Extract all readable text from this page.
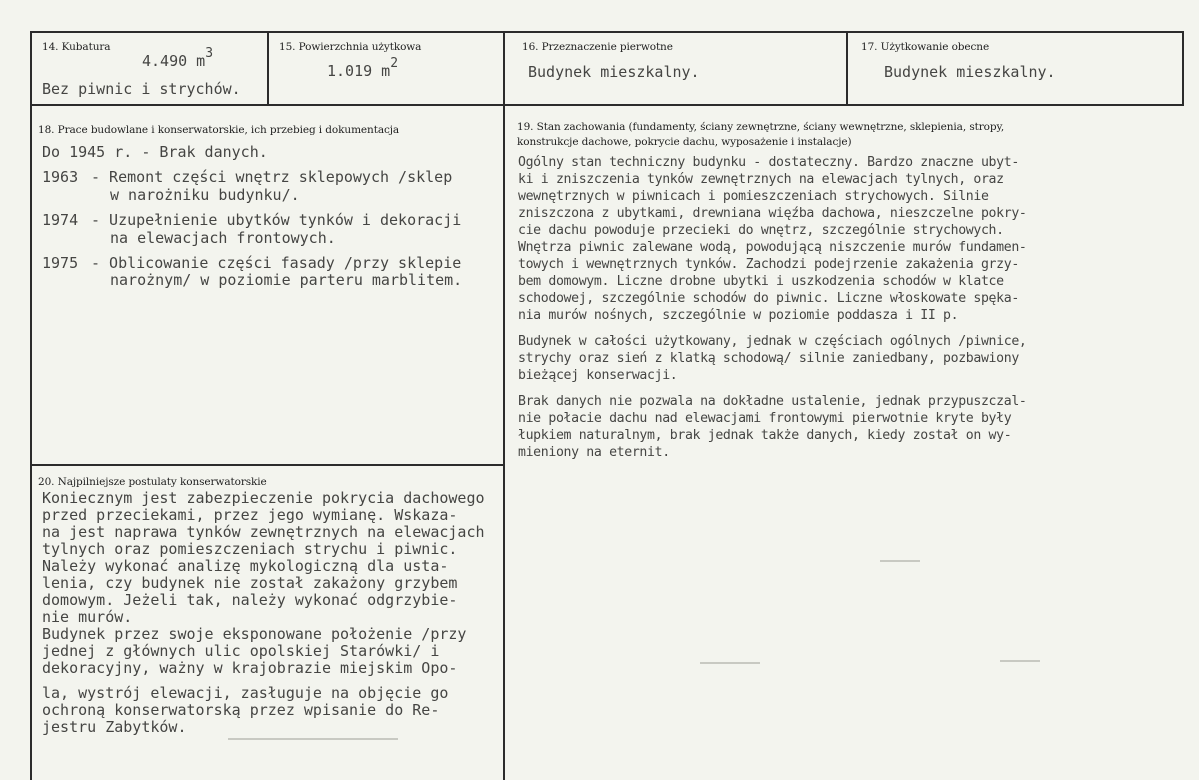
14. Kubatura
4.490 m3
Bez piwnic i strychów.
15. Powierzchnia użytkowa
1.019 m2
16. Przeznaczenie pierwotne
Budynek mieszkalny.
17. Użytkowanie obecne
Budynek mieszkalny.
18. Prace budowlane i konserwatorskie, ich przebieg i dokumentacja
Do 1945 r. - Brak danych.
1963 - Remont części wnętrz sklepowych /sklep
w narożniku budynku/.
1974 - Uzupełnienie ubytków tynków i dekoracji
na elewacjach frontowych.
1975 - Oblicowanie części fasady /przy sklepie
narożnym/ w poziomie parteru marblitem.
19. Stan zachowania (fundamenty, ściany zewnętrzne, ściany wewnętrzne, sklepienia, stropy,
konstrukcje dachowe, pokrycie dachu, wyposażenie i instalacje)
Ogólny stan techniczny budynku - dostateczny. Bardzo znaczne ubyt-
ki i zniszczenia tynków zewnętrznych na elewacjach tylnych, oraz
wewnętrznych w piwnicach i pomieszczeniach strychowych. Silnie
zniszczona z ubytkami, drewniana więźba dachowa, nieszczelne pokry-
cie dachu powoduje przecieki do wnętrz, szczególnie strychowych.
Wnętrza piwnic zalewane wodą, powodującą niszczenie murów fundamen-
towych i wewnętrznych tynków. Zachodzi podejrzenie zakażenia grzy-
bem domowym. Liczne drobne ubytki i uszkodzenia schodów w klatce
schodowej, szczególnie schodów do piwnic. Liczne włoskowate spęka-
nia murów nośnych, szczególnie w poziomie poddasza i II p.
Budynek w całości użytkowany, jednak w częściach ogólnych /piwnice,
strychy oraz sień z klatką schodową/ silnie zaniedbany, pozbawiony
bieżącej konserwacji.
Brak danych nie pozwala na dokładne ustalenie, jednak przypuszczal-
nie połacie dachu nad elewacjami frontowymi pierwotnie kryte były
łupkiem naturalnym, brak jednak także danych, kiedy został on wy-
mieniony na eternit.
20. Najpilniejsze postulaty konserwatorskie
Koniecznym jest zabezpieczenie pokrycia dachowego
przed przeciekami, przez jego wymianę. Wskaza-
na jest naprawa tynków zewnętrznych na elewacjach
tylnych oraz pomieszczeniach strychu i piwnic.
Należy wykonać analizę mykologiczną dla usta-
lenia, czy budynek nie został zakażony grzybem
domowym. Jeżeli tak, należy wykonać odgrzybie-
nie murów.
Budynek przez swoje eksponowane położenie /przy
jednej z głównych ulic opolskiej Starówki/ i
dekoracyjny, ważny w krajobrazie miejskim Opo-
la, wystrój elewacji, zasługuje na objęcie go
ochroną konserwatorską przez wpisanie do Re-
jestru Zabytków.
